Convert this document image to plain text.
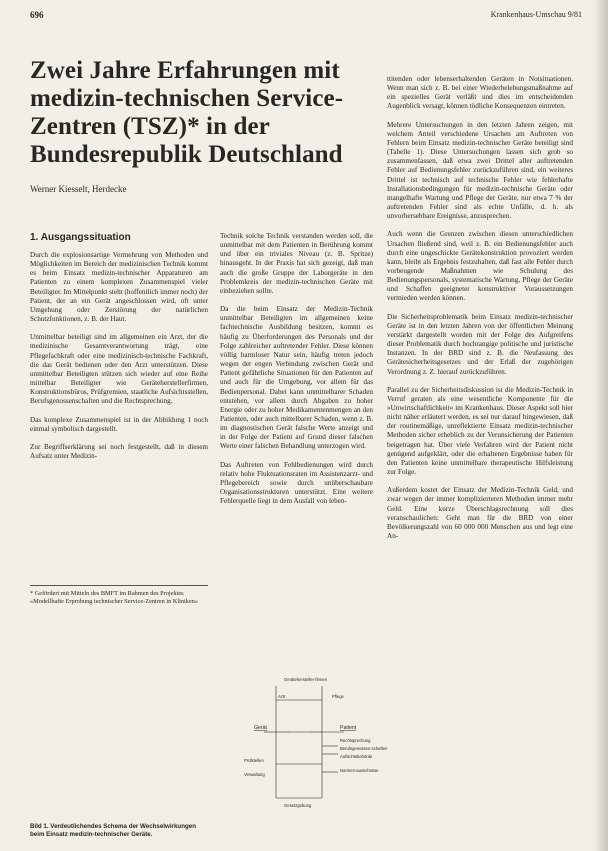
696	Krankenhaus-Umschau 9/81
Zwei Jahre Erfahrungen mit medizin-technischen Service-Zentren (TSZ)* in der Bundesrepublik Deutschland
Werner Kiesselt, Herdecke
1. Ausgangssituation

Durch die explosionsartige Vermehrung von Methoden und Möglichkeiten im Bereich der medizinischen Technik kommt es beim Einsatz medizin-technischer Apparaturen am Patienten zu einem komplexen Zusammenspiel vieler Beteiligter. Im Mittelpunkt steht (hoffentlich immer noch) der Patient, der an ein Gerät angeschlossen wird, oft unter Umgehung oder Zerstörung der natürlichen Schutzfunktionen, z. B. der Haut.

Unmittelbar beteiligt sind im allgemeinen ein Arzt, der die medizinische Gesamtverantwortung trägt, eine Pflegefachkraft oder eine medizinisch-technische Fachkraft, die das Gerät bedienen oder den Arzt unterstützen. Diese unmittelbar Beteiligten stützen sich wieder auf eine Reihe mittelbar Beteiligter wie Geräteherstellerfirmen, Konstruktionsbüros, Prüfgremien, staatliche Aufsichtsstellen, Berufsgenossenschaften und die Rechtsprechung.

Das komplexe Zusammenspiel ist in der Abbildung 1 noch einmal symbolisch dargestellt.

Zur Begriffserklärung sei noch festgestellt, daß in diesem Aufsatz unter Medizin-

* Gefördert mit Mitteln des BMFT im Rahmen des Projektes »Modellhafte Erprobung technischer Service-Zentren in Kliniken«

Technik solche Technik verstanden werden soll, die unmittelbar mit dem Patienten in Berührung kommt und über ein triviales Niveau (z. B. Spritze) hinausgeht. In der Praxis hat sich gezeigt, daß man auch die große Gruppe der Laborgeräte in den Problemkreis der medizin-technischen Geräte mit einbeziehen sollte.

Da die beim Einsatz der Medizin-Technik unmittelbar Beteiligten im allgemeinen keine fachtechnische Ausbildung besitzen, kommt es häufig zu Überforderungen des Personals und der Folge zahlreicher auftretender Fehler. Diese können völlig harmloser Natur sein, häufig treten jedoch wegen der engen Verbindung zwischen Gerät und Patient gefährliche Situationen für den Patienten auf und auch für die Umgebung, vor allem für das Bedienpersonal. Dabei kann unmittelbarer Schaden entstehen, vor allem durch Abgaben zu hoher Energie oder zu hoher Medikamentenmengen an den Patienten, oder auch mittelbarer Schaden, wenn z. B. im diagnostischen Gerät falsche Werte anzeigt und in der Folge der Patient auf Grund dieser falschen Werte einer falschen Behandlung unterzogen wird.

Das Auftreten von Fehlbedienungen wird durch relativ hohe Fluktuationsraten im Assistenzarzt- und Pflegebereich sowie durch unüberschaubare Organisationsstrukturen unterstützt. Eine weitere Fehlerquelle liegt in dem Ausfall von leben-

ttitenden oder lebenserhaltenden Geräten in Notsituationen. Wenn man sich z. B. bei einer Wiederbelebungsmaßnahme auf ein spezielles Gerät verläßt und dies im entscheidenden Augenblick versagt, können tödliche Konsequenzen eintreten.

Mehrere Untersuchungen in den letzten Jahren zeigen, mit welchem Anteil verschiedene Ursachen am Auftreten von Fehlern beim Einsatz medizin-technischer Geräte beteiligt sind (Tabelle 1). Diese Untersuchungen lassen sich grob so zusammenfassen, daß etwa zwei Drittel aller auftretenden Fehler auf Bedienungsfehler zurückzuführen sind, ein weiteres Drittel ist technisch auf technische Fehler wie fehlerhafte Installationsbedingungen für medizin-technische Geräte oder mangelhafte Wartung und Pflege der Geräte, nur etwa 7 % der auftretenden Fehler sind als echte Unfälle, d. h. als unvorhersehbare Ereignisse, anzusprechen.

Auch wenn die Grenzen zwischen diesen unterschiedlichen Ursachen fließend sind, weil z. B. ein Bedienungsfehler auch durch eine ungeschickte Gerätekonstruktion provoziert werden kann, bleibt als Ergebnis festzuhalten, daß fast alle Fehler durch vorbeugende Maßnahmen wie Schulung des Bedienungspersonals, systematische Wartung, Pflege der Geräte und Schaffen geeigneter konstruktiver Voraussetzungen vermieden werden können.

Die Sicherheitsproblematik beim Einsatz medizin-technischer Geräte ist in den letzten Jahren von der öffentlichen Meinung verstärkt dargestellt worden mit der Folge des Aufgreifens dieser Problematik durch hochrangige politische und juristische Instanzen. In der BRD sind z. B. die Neufassung des Gerätesicherheitsgesetzes und der Erlaß der zugehörigen Verordnung z. Z. hierauf zurückzuführen.

Parallel zu der Sicherheitsdiskussion ist die Medizin-Technik in Verruf geraten als eine wesentliche Komponente für die »Unwirtschaftlichkeit« im Krankenhaus. Dieser Aspekt soll hier nicht näher erläutert werden, es sei nur darauf hingewiesen, daß der routinemäßige, unreflektierte Einsatz medizin-technischer Methoden sicher erheblich zu der Verunsicherung der Patienten beigetragen hat. Über viele Verfahren wird der Patient nicht genügend aufgeklärt, oder die erhaltenen Ergebnisse haben für den Patienten keine unmittelbare therapeutische Hilfsleistung zur Folge.

Außerdem kostet der Einsatz der Medizin-Technik Geld, und zwar wegen der immer komplizierteren Methoden immer mehr Geld. Eine kurze Überschlagsrechnung soll dies veranschaulichen: Geht man für die BRD von einer Bevölkerungszahl von 60 000 000 Menschen aus und legt eine An-

Gerätehersteller-firmen
Arzt	Pflege
Gerät	Patient
Rechtsprechung
Berufsgenossen-schaften
Aufsichtsbehörde
Prüfstellen
Normen-ausschüsse
Verwaltung
Gesetzgebung
Bild 1. Verdeutlichendes Schema der Wechselwirkungen beim Einsatz medizin-technischer Geräte.
